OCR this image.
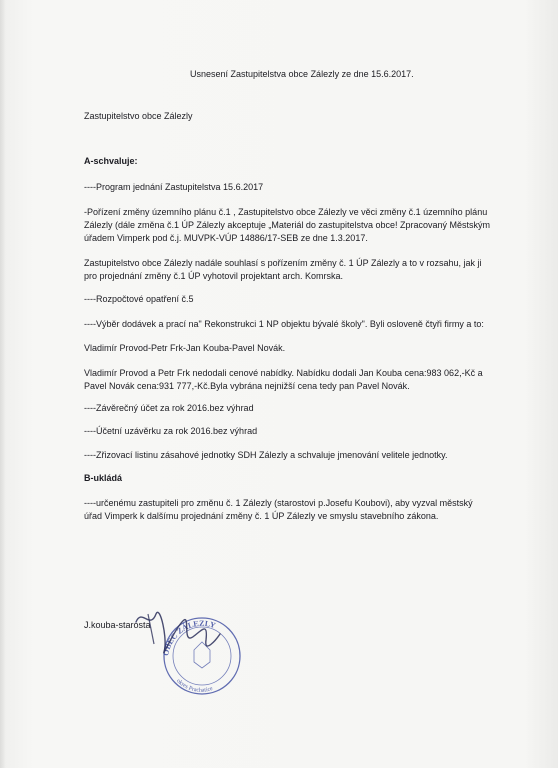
Usnesení Zastupitelstva obce Zálezly ze dne 15.6.2017.
Zastupitelstvo obce Zálezly
A-schvaluje:
----Program jednání Zastupitelstva 15.6.2017
-Pořízení změny územního plánu č.1 , Zastupitelstvo obce Zálezly ve věci změny č.1 územního plánu
Zálezly (dále změna č.1 ÚP Zálezly akceptuje „Materiál do zastupitelstva obce! Zpracovaný Městským
úřadem Vimperk pod č.j. MUVPK-VÚP 14886/17-SEB ze dne 1.3.2017.
Zastupitelstvo obce Zálezly nadále souhlasí s pořízením změny č. 1 ÚP Zálezly a to v rozsahu, jak ji
pro projednání změny č.1 ÚP vyhotovil projektant arch. Komrska.
----Rozpočtové opatření č.5
----Výběr dodávek a prací na" Rekonstrukci 1 NP objektu bývalé školy". Byli osloveně čtyři firmy a to:
Vladimír Provod-Petr Frk-Jan Kouba-Pavel Novák.
Vladimír Provod a Petr Frk nedodali cenové nabídky. Nabídku dodali Jan Kouba cena:983 062,-Kč a
Pavel Novák cena:931 777,-Kč.Byla vybrána nejnižší cena tedy pan Pavel Novák.
----Závěrečný účet za rok 2016.bez výhrad
----Účetní uzávěrku za rok 2016.bez výhrad
----Zřizovací listinu zásahové jednotky SDH Zálezly a schvaluje jmenování velitele jednotky.
B-ukládá
----určenému zastupiteli pro změnu č. 1 Zálezly (starostovi p.Josefu Koubovi), aby vyzval městský
úřad Vimperk k dalšímu projednání změny č. 1 ÚP Zálezly ve smyslu stavebního zákona.
J.kouba-starosta
OBEC ZÁLEZLY
okres Prachatice
